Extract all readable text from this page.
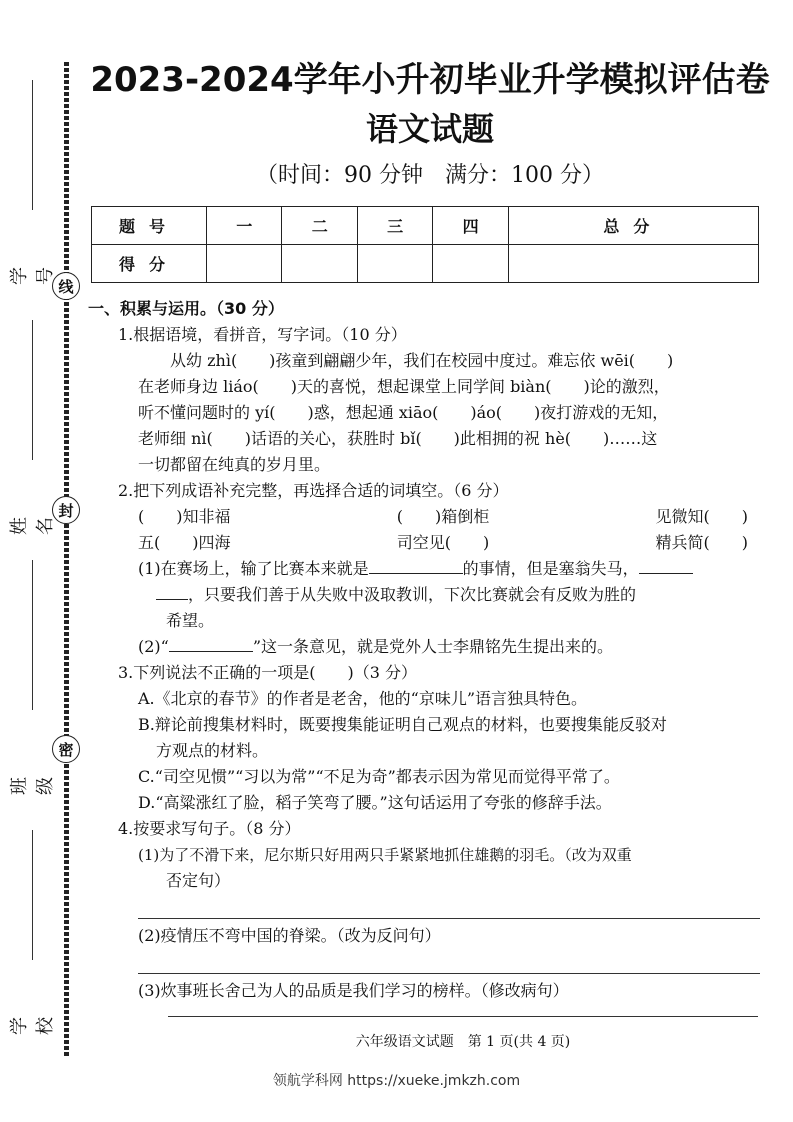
线
封
密
学号
姓名
班级
学校
2023-2024学年小升初毕业升学模拟评估卷
语文试题
（时间：90 分钟　满分：100 分）
题号	一	二	三	四	总分
得分					
一、积累与运用。（30 分）
1.根据语境，看拼音，写字词。（10 分）
从幼 zhì(　　)孩童到翩翩少年，我们在校园中度过。难忘依 wēi(　　)
在老师身边 liáo(　　)天的喜悦，想起课堂上同学间 biàn(　　)论的激烈，
听不懂问题时的 yí(　　)惑，想起通 xiāo(　　)áo(　　)夜打游戏的无知，
老师细 nì(　　)话语的关心，获胜时 bǐ(　　)此相拥的祝 hè(　　)……这
一切都留在纯真的岁月里。
2.把下列成语补充完整，再选择合适的词填空。（6 分）
(　　)知非福	(　　)箱倒柜	见微知(　　)
五(　　)四海	司空见(　　)	精兵简(　　)
(1)在赛场上，输了比赛本来就是	的事情，但是塞翁失马，
，只要我们善于从失败中汲取教训，下次比赛就会有反败为胜的
希望。
(2)“	”这一条意见，就是党外人士李鼎铭先生提出来的。
3.下列说法不正确的一项是(　　)（3 分）
A.《北京的春节》的作者是老舍，他的“京味儿”语言独具特色。
B.辩论前搜集材料时，既要搜集能证明自己观点的材料，也要搜集能反驳对
方观点的材料。
C.“司空见惯”“习以为常”“不足为奇”都表示因为常见而觉得平常了。
D.“高粱涨红了脸，稻子笑弯了腰。”这句话运用了夸张的修辞手法。
4.按要求写句子。（8 分）
(1)为了不滑下来，尼尔斯只好用两只手紧紧地抓住雄鹅的羽毛。（改为双重
否定句）
(2)疫情压不弯中国的脊梁。（改为反问句）
(3)炊事班长舍己为人的品质是我们学习的榜样。（修改病句）
六年级语文试题　第 1 页(共 4 页)
领航学科网 https://xueke.jmkzh.com
